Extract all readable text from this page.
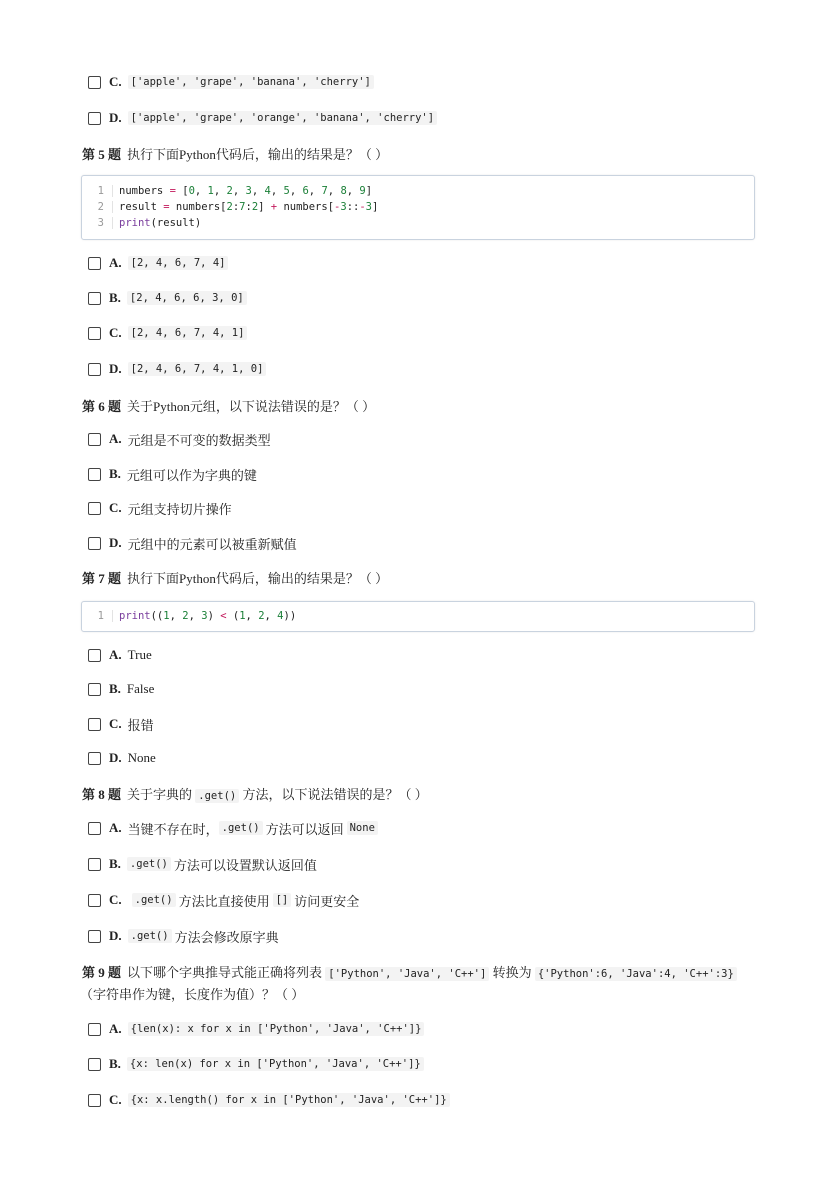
C. ['apple', 'grape', 'banana', 'cherry']
D. ['apple', 'grape', 'orange', 'banana', 'cherry']
第 5 题 执行下面Python代码后，输出的结果是？（ ）
1	numbers = [ 0 , 1 , 2 , 3 , 4 , 5 , 6 , 7 , 8 , 9 ]
2	result = numbers[ 2 : 7 : 2 ] + numbers[ - 3 :: - 3 ]
3	print (result)
A. [2, 4, 6, 7, 4]
B. [2, 4, 6, 6, 3, 0]
C. [2, 4, 6, 7, 4, 1]
D. [2, 4, 6, 7, 4, 1, 0]
第 6 题 关于Python元组，以下说法错误的是？（ ）
A. 元组是不可变的数据类型
B. 元组可以作为字典的键
C. 元组支持切片操作
D. 元组中的元素可以被重新赋值
第 7 题 执行下面Python代码后，输出的结果是？（ ）
1	print (( 1 , 2 , 3 ) < ( 1 , 2 , 4 ))
A. True
B. False
C. 报错
D. None
第 8 题 关于字典的 .get() 方法，以下说法错误的是？（ ）
A. 当键不存在时， .get() 方法可以返回 None
B. .get() 方法可以设置默认返回值
C. .get() 方法比直接使用 [] 访问更安全
D. .get() 方法会修改原字典
第 9 题 以下哪个字典推导式能正确将列表 ['Python', 'Java', 'C++'] 转换为 {'Python':6, 'Java':4, 'C++':3}
（字符串作为键，长度作为值）？（ ）
A. {len(x): x for x in ['Python', 'Java', 'C++']}
B. {x: len(x) for x in ['Python', 'Java', 'C++']}
C. {x: x.length() for x in ['Python', 'Java', 'C++']}
